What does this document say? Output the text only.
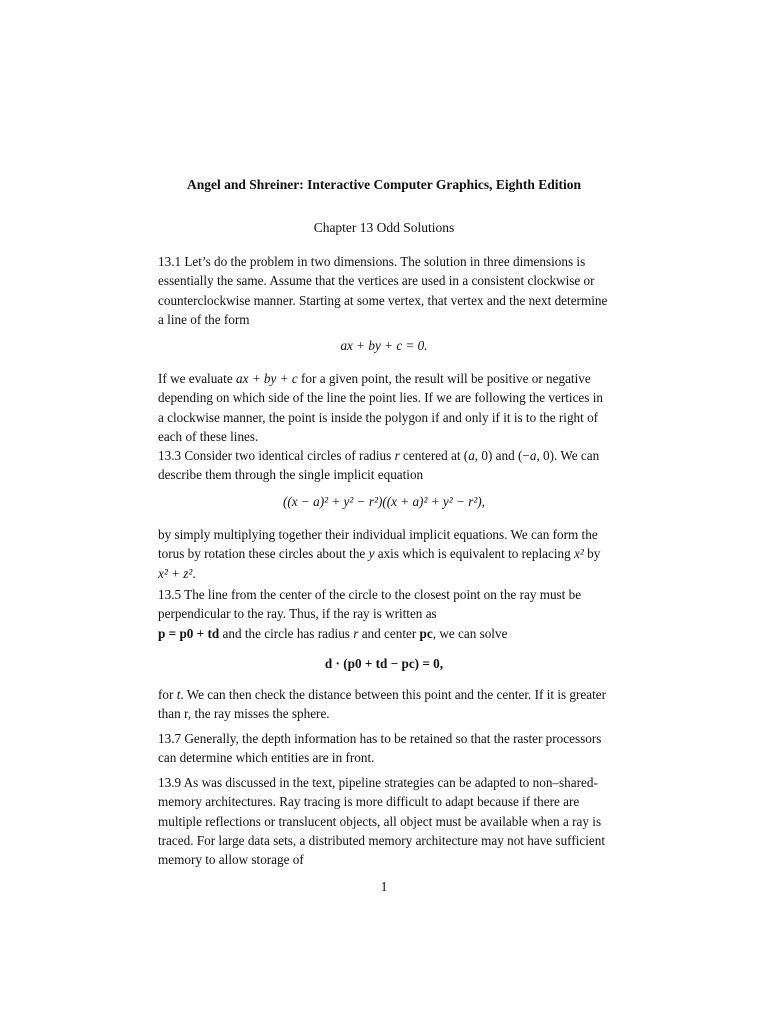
Angel and Shreiner: Interactive Computer Graphics, Eighth Edition
Chapter 13 Odd Solutions

13.1 Let’s do the problem in two dimensions. The solution in three dimensions is essentially the same. Assume that the vertices are used in a consistent clockwise or counterclockwise manner. Starting at some vertex, that vertex and the next determine a line of the form

ax + by + c = 0.

If we evaluate ax + by + c for a given point, the result will be positive or negative depending on which side of the line the point lies. If we are following the vertices in a clockwise manner, the point is inside the polygon if and only if it is to the right of each of these lines.

13.3 Consider two identical circles of radius r centered at (a, 0) and (−a, 0). We can describe them through the single implicit equation

((x − a)² + y² − r²)((x + a)² + y² − r²),

by simply multiplying together their individual implicit equations. We can form the torus by rotation these circles about the y axis which is equivalent to replacing x² by x² + z².

13.5 The line from the center of the circle to the closest point on the ray must be perpendicular to the ray. Thus, if the ray is written as
p = p0 + td and the circle has radius r and center pc, we can solve

d · (p0 + td − pc) = 0,

for t. We can then check the distance between this point and the center. If it is greater than r, the ray misses the sphere.

13.7 Generally, the depth information has to be retained so that the raster processors can determine which entities are in front.

13.9 As was discussed in the text, pipeline strategies can be adapted to non–shared-memory architectures. Ray tracing is more difficult to adapt because if there are multiple reflections or translucent objects, all object must be available when a ray is traced. For large data sets, a distributed memory architecture may not have sufficient memory to allow storage of

1
